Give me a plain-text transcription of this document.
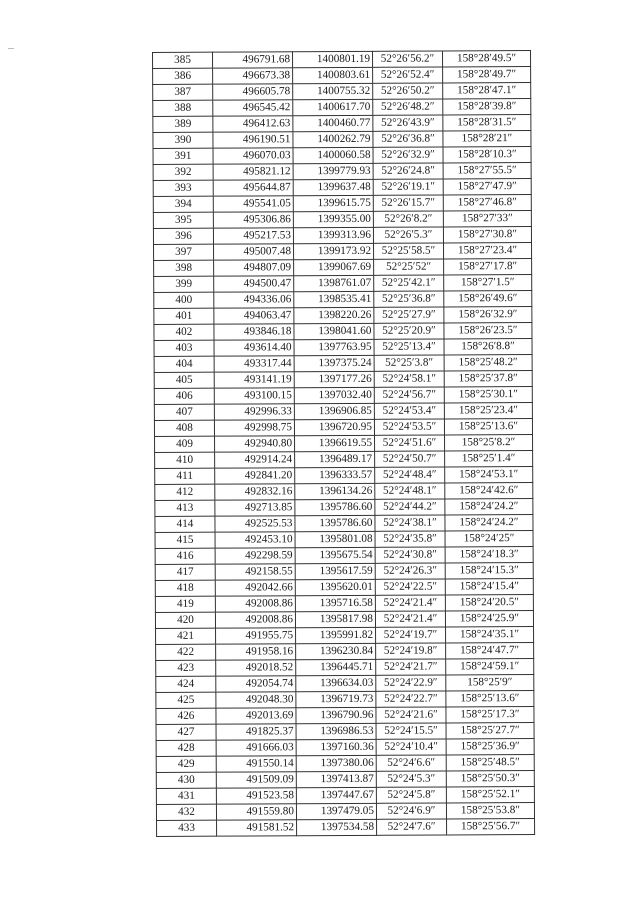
385	496791.68	1400801.19	52°26′56.2″	158°28′49.5″
386	496673.38	1400803.61	52°26′52.4″	158°28′49.7″
387	496605.78	1400755.32	52°26′50.2″	158°28′47.1″
388	496545.42	1400617.70	52°26′48.2″	158°28′39.8″
389	496412.63	1400460.77	52°26′43.9″	158°28′31.5″
390	496190.51	1400262.79	52°26′36.8″	158°28′21″
391	496070.03	1400060.58	52°26′32.9″	158°28′10.3″
392	495821.12	1399779.93	52°26′24.8″	158°27′55.5″
393	495644.87	1399637.48	52°26′19.1″	158°27′47.9″
394	495541.05	1399615.75	52°26′15.7″	158°27′46.8″
395	495306.86	1399355.00	52°26′8.2″	158°27′33″
396	495217.53	1399313.96	52°26′5.3″	158°27′30.8″
397	495007.48	1399173.92	52°25′58.5″	158°27′23.4″
398	494807.09	1399067.69	52°25′52″	158°27′17.8″
399	494500.47	1398761.07	52°25′42.1″	158°27′1.5″
400	494336.06	1398535.41	52°25′36.8″	158°26′49.6″
401	494063.47	1398220.26	52°25′27.9″	158°26′32.9″
402	493846.18	1398041.60	52°25′20.9″	158°26′23.5″
403	493614.40	1397763.95	52°25′13.4″	158°26′8.8″
404	493317.44	1397375.24	52°25′3.8″	158°25′48.2″
405	493141.19	1397177.26	52°24′58.1″	158°25′37.8″
406	493100.15	1397032.40	52°24′56.7″	158°25′30.1″
407	492996.33	1396906.85	52°24′53.4″	158°25′23.4″
408	492998.75	1396720.95	52°24′53.5″	158°25′13.6″
409	492940.80	1396619.55	52°24′51.6″	158°25′8.2″
410	492914.24	1396489.17	52°24′50.7″	158°25′1.4″
411	492841.20	1396333.57	52°24′48.4″	158°24′53.1″
412	492832.16	1396134.26	52°24′48.1″	158°24′42.6″
413	492713.85	1395786.60	52°24′44.2″	158°24′24.2″
414	492525.53	1395786.60	52°24′38.1″	158°24′24.2″
415	492453.10	1395801.08	52°24′35.8″	158°24′25″
416	492298.59	1395675.54	52°24′30.8″	158°24′18.3″
417	492158.55	1395617.59	52°24′26.3″	158°24′15.3″
418	492042.66	1395620.01	52°24′22.5″	158°24′15.4″
419	492008.86	1395716.58	52°24′21.4″	158°24′20.5″
420	492008.86	1395817.98	52°24′21.4″	158°24′25.9″
421	491955.75	1395991.82	52°24′19.7″	158°24′35.1″
422	491958.16	1396230.84	52°24′19.8″	158°24′47.7″
423	492018.52	1396445.71	52°24′21.7″	158°24′59.1″
424	492054.74	1396634.03	52°24′22.9″	158°25′9″
425	492048.30	1396719.73	52°24′22.7″	158°25′13.6″
426	492013.69	1396790.96	52°24′21.6″	158°25′17.3″
427	491825.37	1396986.53	52°24′15.5″	158°25′27.7″
428	491666.03	1397160.36	52°24′10.4″	158°25′36.9″
429	491550.14	1397380.06	52°24′6.6″	158°25′48.5″
430	491509.09	1397413.87	52°24′5.3″	158°25′50.3″
431	491523.58	1397447.67	52°24′5.8″	158°25′52.1″
432	491559.80	1397479.05	52°24′6.9″	158°25′53.8″
433	491581.52	1397534.58	52°24′7.6″	158°25′56.7″
